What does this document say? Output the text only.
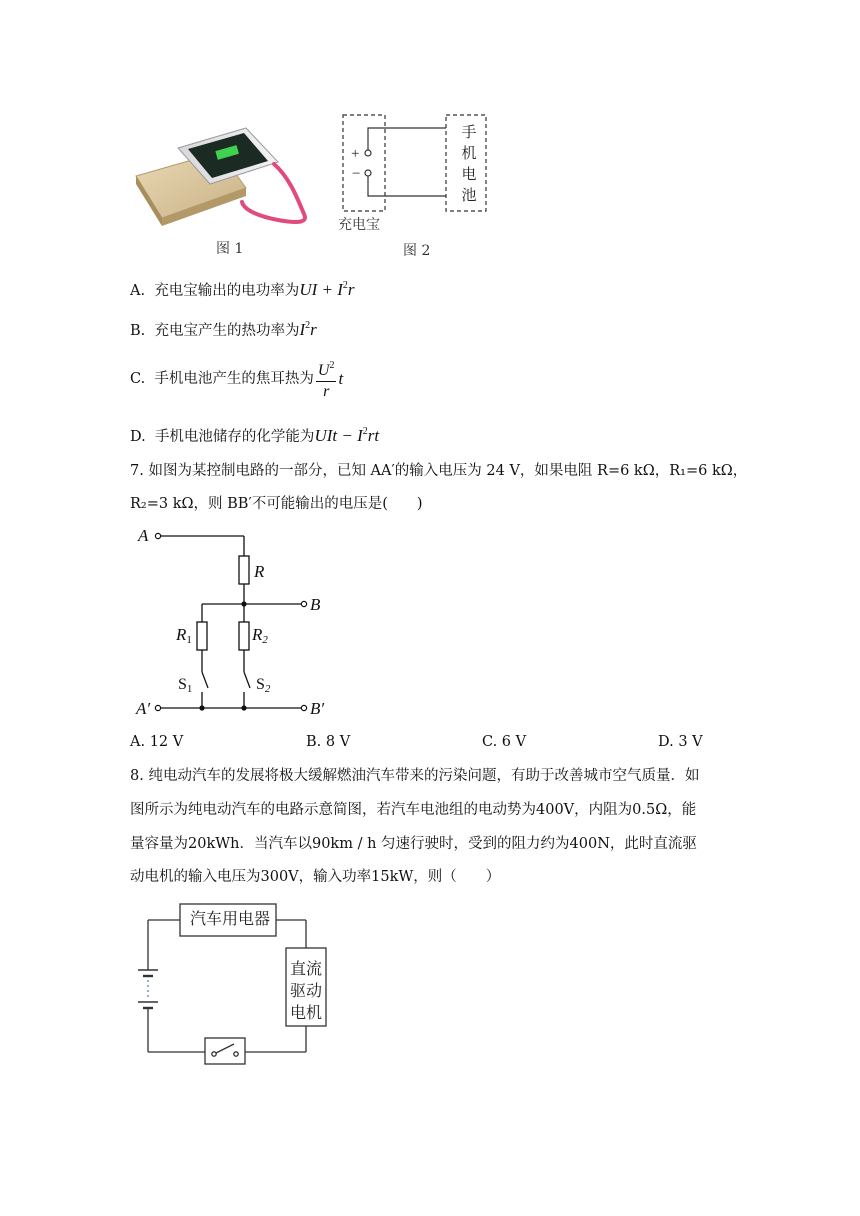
图 1
+
−
手
机
电
池
充电宝
图 2
A. 充电宝输出的电功率为UI + $I^2r$
B. 充电宝产生的热功率为$I^2r$
C. 手机电池产生的焦耳热为 $\frac{U^2}{r}$ t
D. 手机电池储存的化学能为UIt − $I^2rt$
7. 如图为某控制电路的一部分，已知 AA′的输入电压为 24 V，如果电阻 R=6 kΩ，R₁=6 kΩ，
R₂=3 kΩ，则 BB′不可能输出的电压是(　　)
A
B
A′	B′
R
R1	R2
S1	S2
A. 12 V	B. 8 V	C. 6 V	D. 3 V
8. 纯电动汽车的发展将极大缓解燃油汽车带来的污染问题，有助于改善城市空气质量．如
图所示为纯电动汽车的电路示意简图，若汽车电池组的电动势为400V，内阻为0.5Ω，能
量容量为20kWh．当汽车以90km / h 匀速行驶时，受到的阻力约为400N，此时直流驱
动电机的输入电压为300V，输入功率15kW，则（　　）
汽车用电器
直流
驱动
电机
